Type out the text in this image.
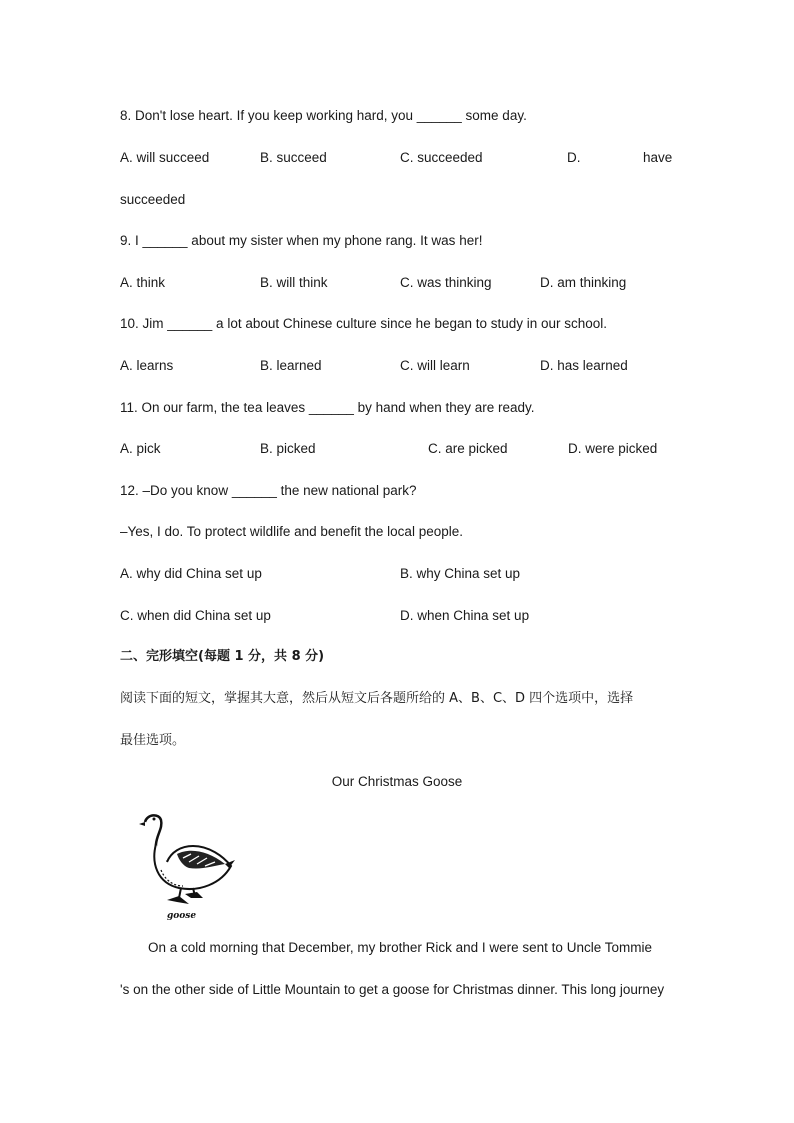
8. Don't lose heart. If you keep working hard, you ______ some day.
A. will succeed	B. succeed	C. succeeded	D.	have
succeeded
9. I ______ about my sister when my phone rang. It was her!
A. think	B. will think	C. was thinking	D. am thinking
10. Jim ______ a lot about Chinese culture since he began to study in our school.
A. learns	B. learned	C. will learn	D. has learned
11. On our farm, the tea leaves ______ by hand when they are ready.
A. pick	B. picked	C. are picked	D. were picked
12. –Do you know ______ the new national park?
–Yes, I do. To protect wildlife and benefit the local people.
A. why did China set up	B. why China set up
C. when did China set up	D. when China set up
二、完形填空(每题 1 分，共 8 分)
阅读下面的短文，掌握其大意，然后从短文后各题所给的 A、B、C、D 四个选项中，选择
最佳选项。
Our Christmas Goose
goose
On a cold morning that December, my brother Rick and I were sent to Uncle Tommie
's on the other side of Little Mountain to get a goose for Christmas dinner. This long journey
